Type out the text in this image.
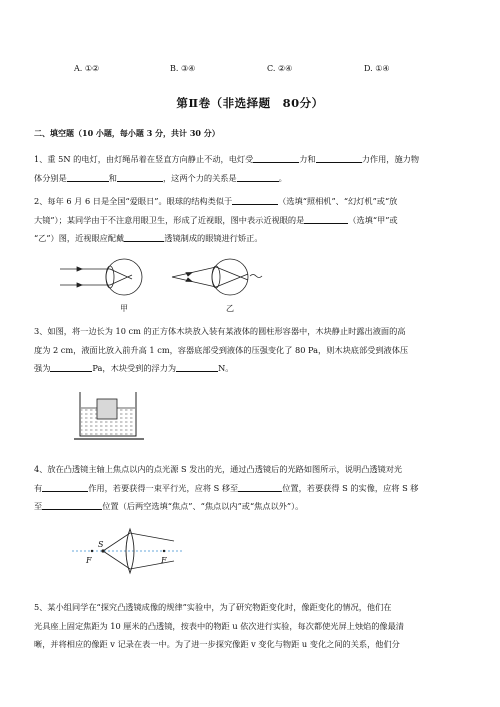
A. ①②	B. ③④	C. ②④	D. ①④
第Ⅱ卷（非选择题　80分）
二、填空题（10 小题，每小题 3 分，共计 30 分）
1、重 5N 的电灯，由灯绳吊着在竖直方向静止不动，电灯受	力和	力作用，施力物
体分别是	和	，这两个力的关系是	。
2、每年 6 月 6 日是全国“爱眼日”。眼球的结构类似于	（选填“照相机”、“幻灯机”或“放
大镜”）；某同学由于不注意用眼卫生，形成了近视眼，图中表示近视眼的是	（选填“甲”或
“乙”）图，近视眼应配戴	透镜制成的眼镜进行矫正。
甲	乙
3、如图，将一边长为 10 cm 的正方体木块放入装有某液体的圆柱形容器中，木块静止时露出液面的高
度为 2 cm，液面比放入前升高 1 cm，容器底部受到液体的压强变化了 80 Pa，则木块底部受到液体压
强为	Pa，木块受到的浮力为	N。
4、放在凸透镜主轴上焦点以内的点光源 S 发出的光，通过凸透镜后的光路如图所示，说明凸透镜对光
有	作用，若要获得一束平行光，应将 S 移至	位置，若要获得 S 的实像，应将 S 移
至	位置（后两空选填“焦点”、“焦点以内”或“焦点以外”）。
S
F	F
5、某小组同学在“探究凸透镜成像的规律”实验中，为了研究物距变化时，像距变化的情况，他们在
光具座上固定焦距为 10 厘米的凸透镜，按表中的物距 u 依次进行实验，每次都使光屏上烛焰的像最清
晰，并将相应的像距 v 记录在表一中。为了进一步探究像距 v 变化与物距 u 变化之间的关系，他们分
